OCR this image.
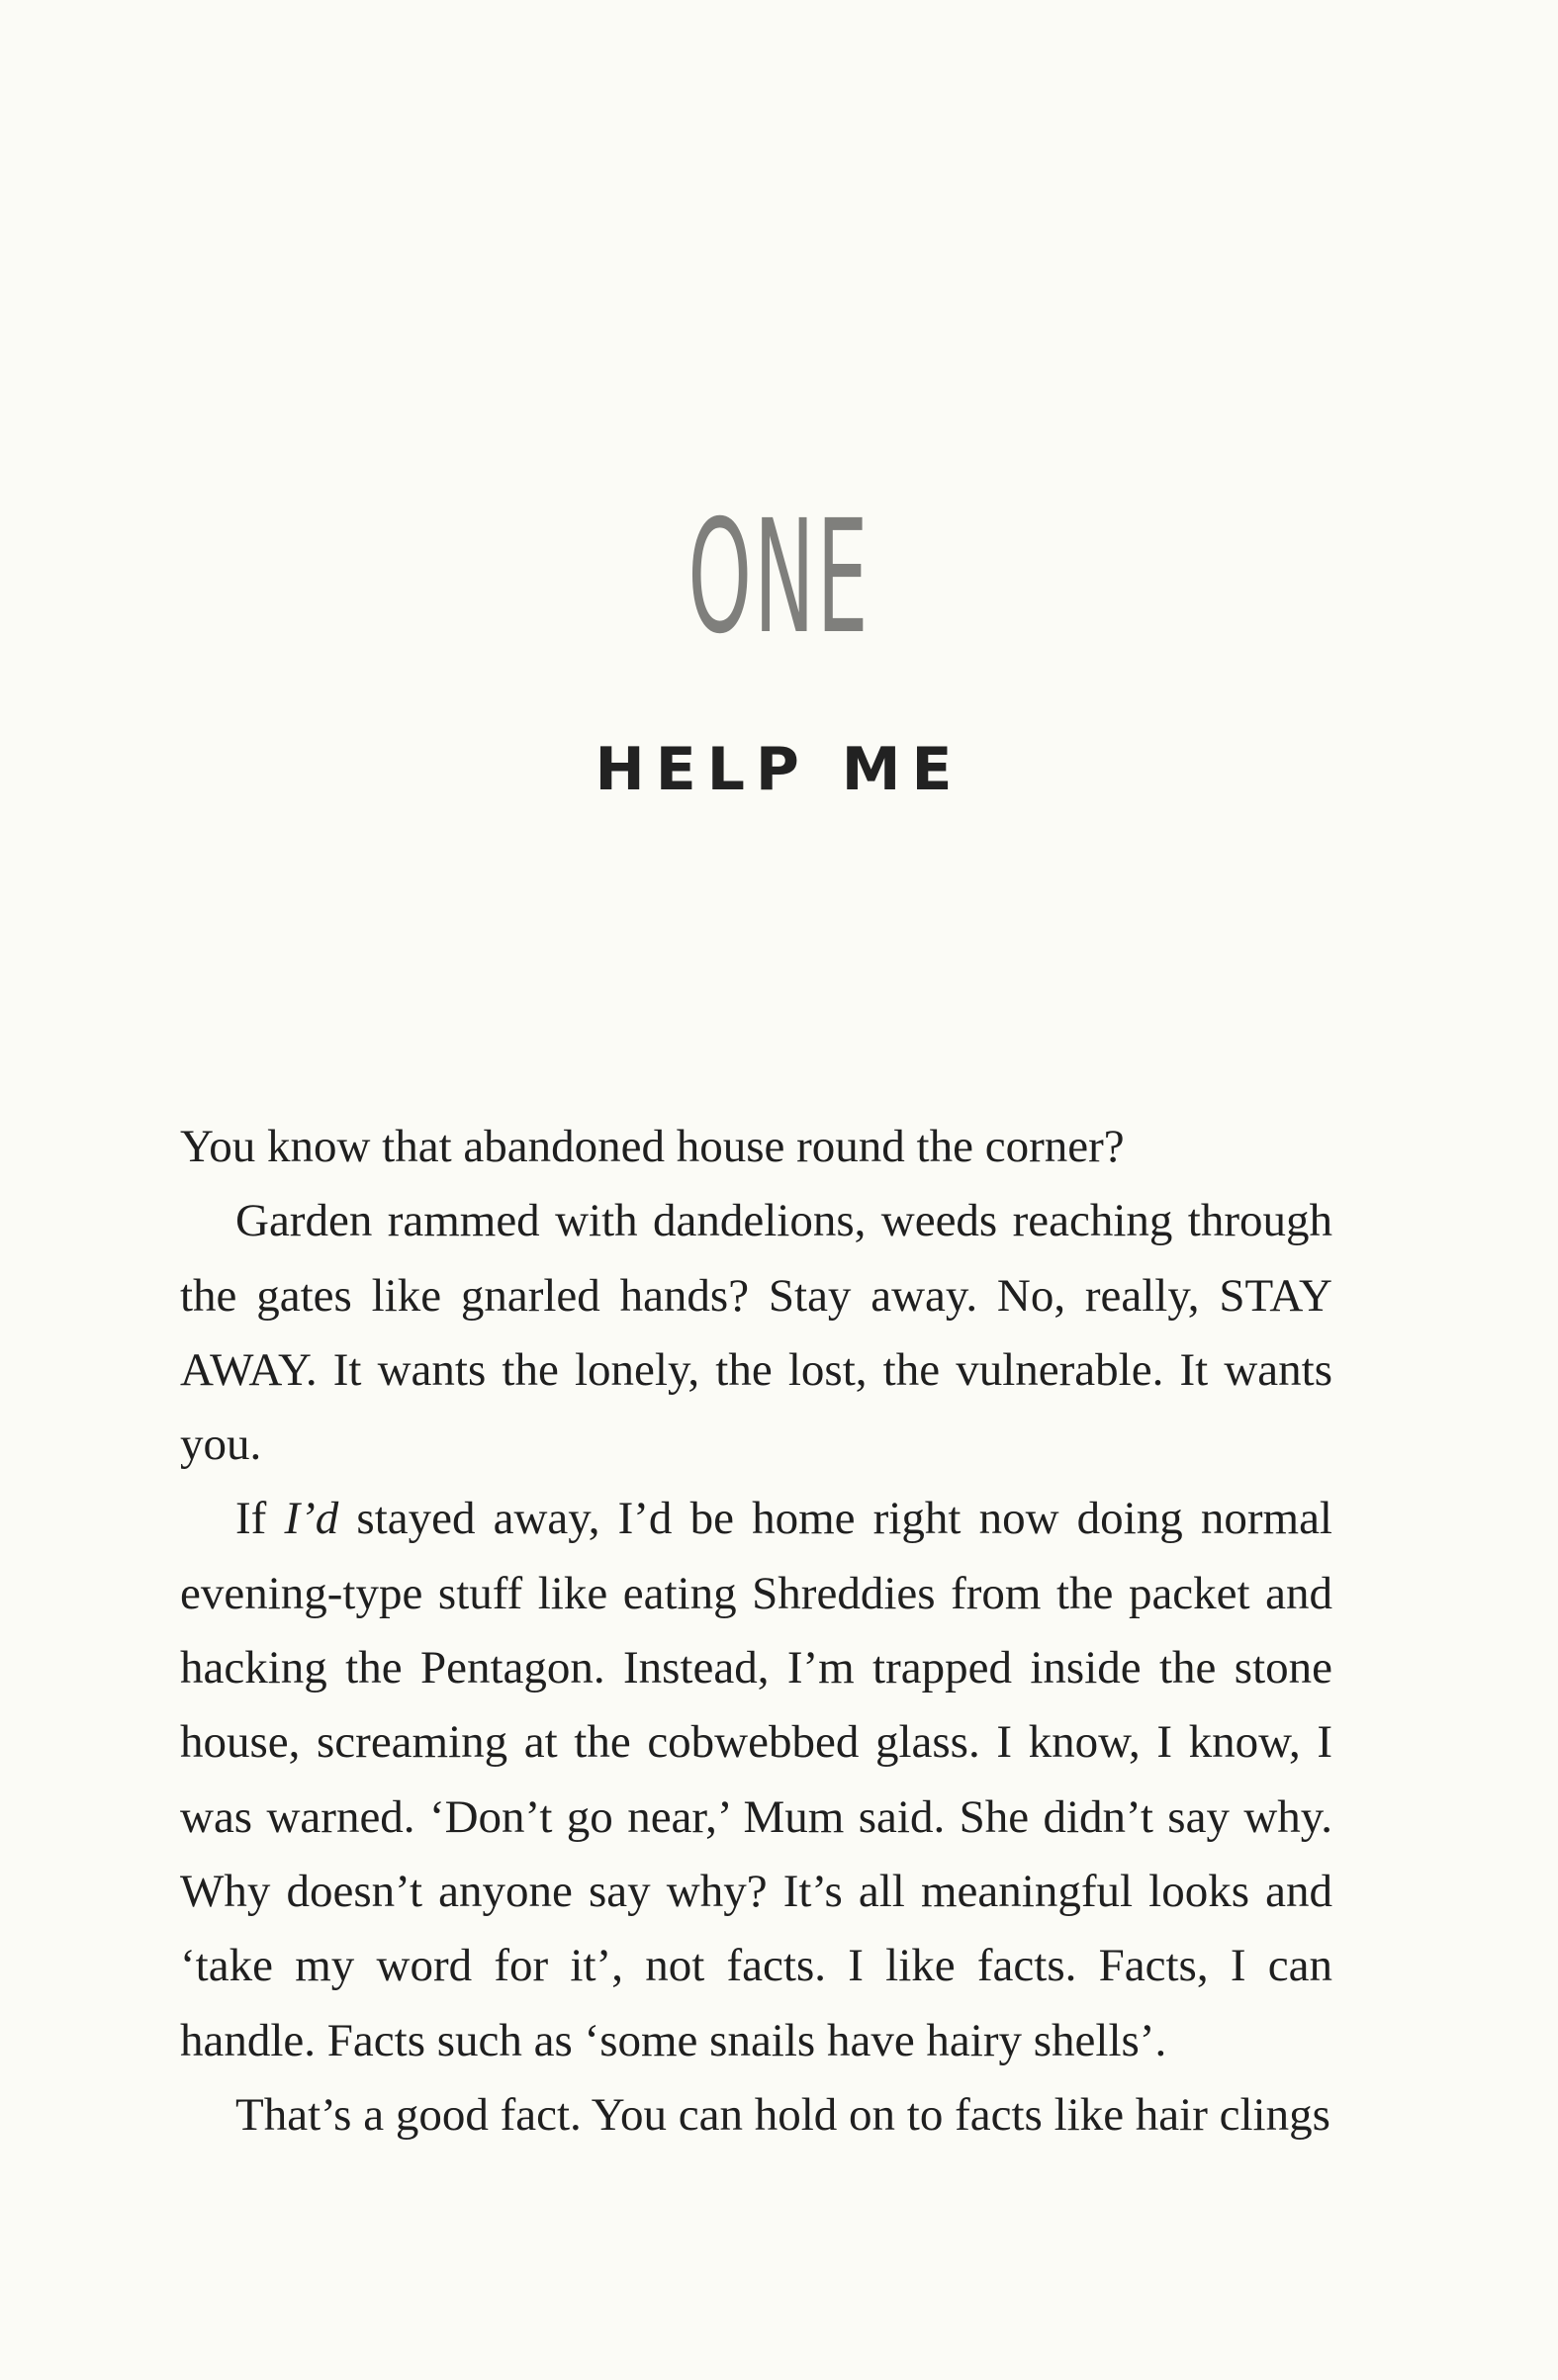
ONE
HELP ME

You know that abandoned house round the corner?

Garden rammed with dandelions, weeds reaching through the gates like gnarled hands? Stay away. No, really, STAY AWAY. It wants the lonely, the lost, the vulnerable. It wants you.

If I’d stayed away, I’d be home right now doing normal evening-type stuff like eating Shreddies from the packet and hacking the Pentagon. Instead, I’m trapped inside the stone house, screaming at the cobwebbed glass. I know, I know, I was warned. ‘Don’t go near,’ Mum said. She didn’t say why. Why doesn’t anyone say why? It’s all meaningful looks and ‘take my word for it’, not facts. I like facts. Facts, I can handle. Facts such as ‘some snails have hairy shells’.

That’s a good fact. You can hold on to facts like hair clings
